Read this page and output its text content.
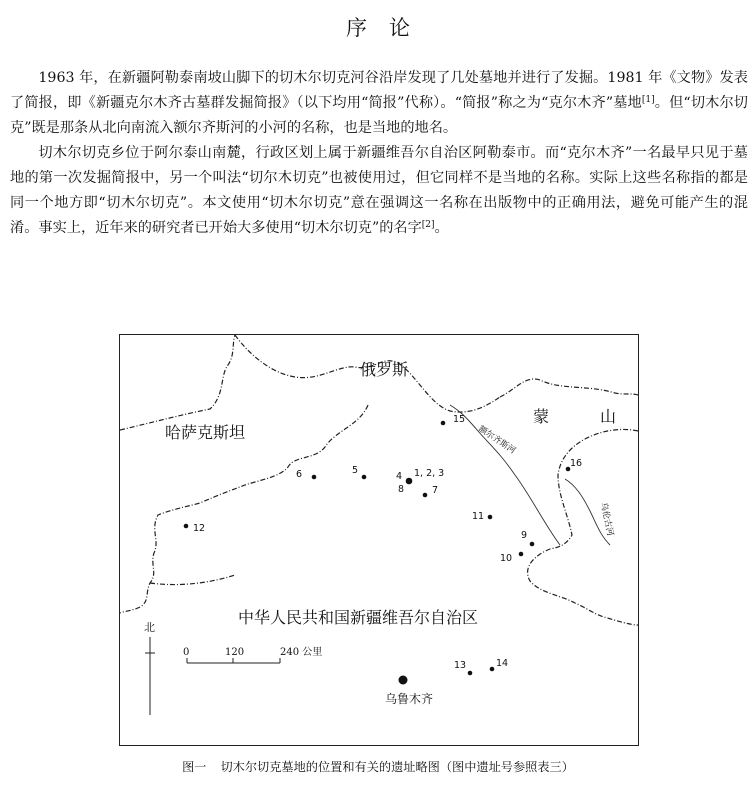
序论

1963 年，在新疆阿勒泰南坡山脚下的切木尔切克河谷沿岸发现了几处墓地并进行了发掘。1981 年《文物》发表了简报，即《新疆克尔木齐古墓群发掘简报》（以下均用“简报”代称）。“简报”称之为“克尔木齐”墓地[1]。但“切木尔切克”既是那条从北向南流入额尔齐斯河的小河的名称，也是当地的地名。

切木尔切克乡位于阿尔泰山南麓，行政区划上属于新疆维吾尔自治区阿勒泰市。而“克尔木齐”一名最早只见于墓地的第一次发掘简报中，另一个叫法“切尔木切克”也被使用过，但它同样不是当地的名称。实际上这些名称指的都是同一个地方即“切木尔切克”。本文使用“切木尔切克”意在强调这一名称在出版物中的正确用法，避免可能产生的混淆。事实上，近年来的研究者已开始大多使用“切木尔切克”的名字[2]。

俄罗斯
哈萨克斯坦
蒙	山
中华人民共和国新疆维吾尔自治区
额尔齐斯河
乌伦古河
15
16
6	5
4 1, 2, 3
8	7
11
9
10
12
13	14
乌鲁木齐
北
0	120	240 公里
图一 切木尔切克墓地的位置和有关的遗址略图（图中遗址号参照表三）
